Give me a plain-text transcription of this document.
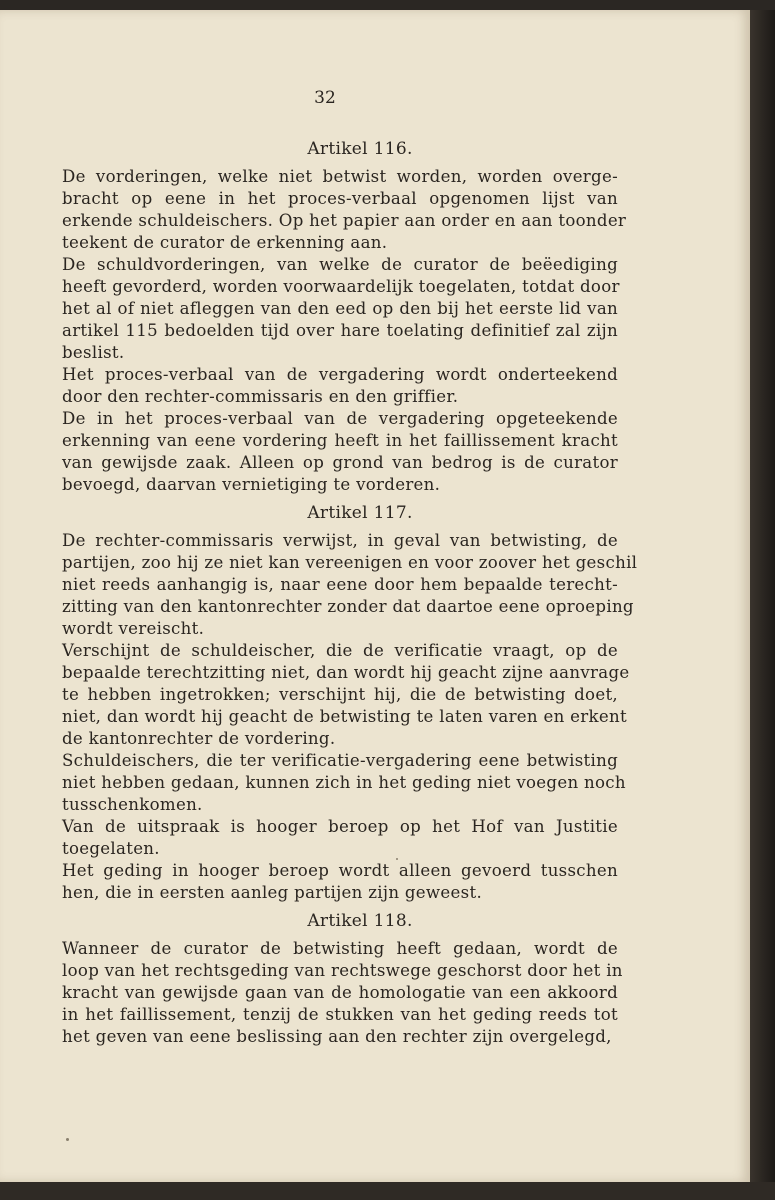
32
Artikel 116.
De vorderingen, welke niet betwist worden, worden overge-
bracht op eene in het proces-verbaal opgenomen lijst van
erkende schuldeischers. Op het papier aan order en aan toonder
teekent de curator de erkenning aan.
De schuldvorderingen, van welke de curator de beëediging
heeft gevorderd, worden voorwaardelijk toegelaten, totdat door
het al of niet afleggen van den eed op den bij het eerste lid van
artikel 115 bedoelden tijd over hare toelating definitief zal zijn
beslist.
Het proces-verbaal van de vergadering wordt onderteekend
door den rechter-commissaris en den griffier.
De in het proces-verbaal van de vergadering opgeteekende
erkenning van eene vordering heeft in het faillissement kracht
van gewijsde zaak. Alleen op grond van bedrog is de curator
bevoegd, daarvan vernietiging te vorderen.
Artikel 117.
De rechter-commissaris verwijst, in geval van betwisting, de
partijen, zoo hij ze niet kan vereenigen en voor zoover het geschil
niet reeds aanhangig is, naar eene door hem bepaalde terecht-
zitting van den kantonrechter zonder dat daartoe eene oproeping
wordt vereischt.
Verschijnt de schuldeischer, die de verificatie vraagt, op de
bepaalde terechtzitting niet, dan wordt hij geacht zijne aanvrage
te hebben ingetrokken; verschijnt hij, die de betwisting doet,
niet, dan wordt hij geacht de betwisting te laten varen en erkent
de kantonrechter de vordering.
Schuldeischers, die ter verificatie-vergadering eene betwisting
niet hebben gedaan, kunnen zich in het geding niet voegen noch
tusschenkomen.
Van de uitspraak is hooger beroep op het Hof van Justitie
toegelaten.
Het geding in hooger beroep wordt alleen gevoerd tusschen
hen, die in eersten aanleg partijen zijn geweest.
Artikel 118.
Wanneer de curator de betwisting heeft gedaan, wordt de
loop van het rechtsgeding van rechtswege geschorst door het in
kracht van gewijsde gaan van de homologatie van een akkoord
in het faillissement, tenzij de stukken van het geding reeds tot
het geven van eene beslissing aan den rechter zijn overgelegd,
